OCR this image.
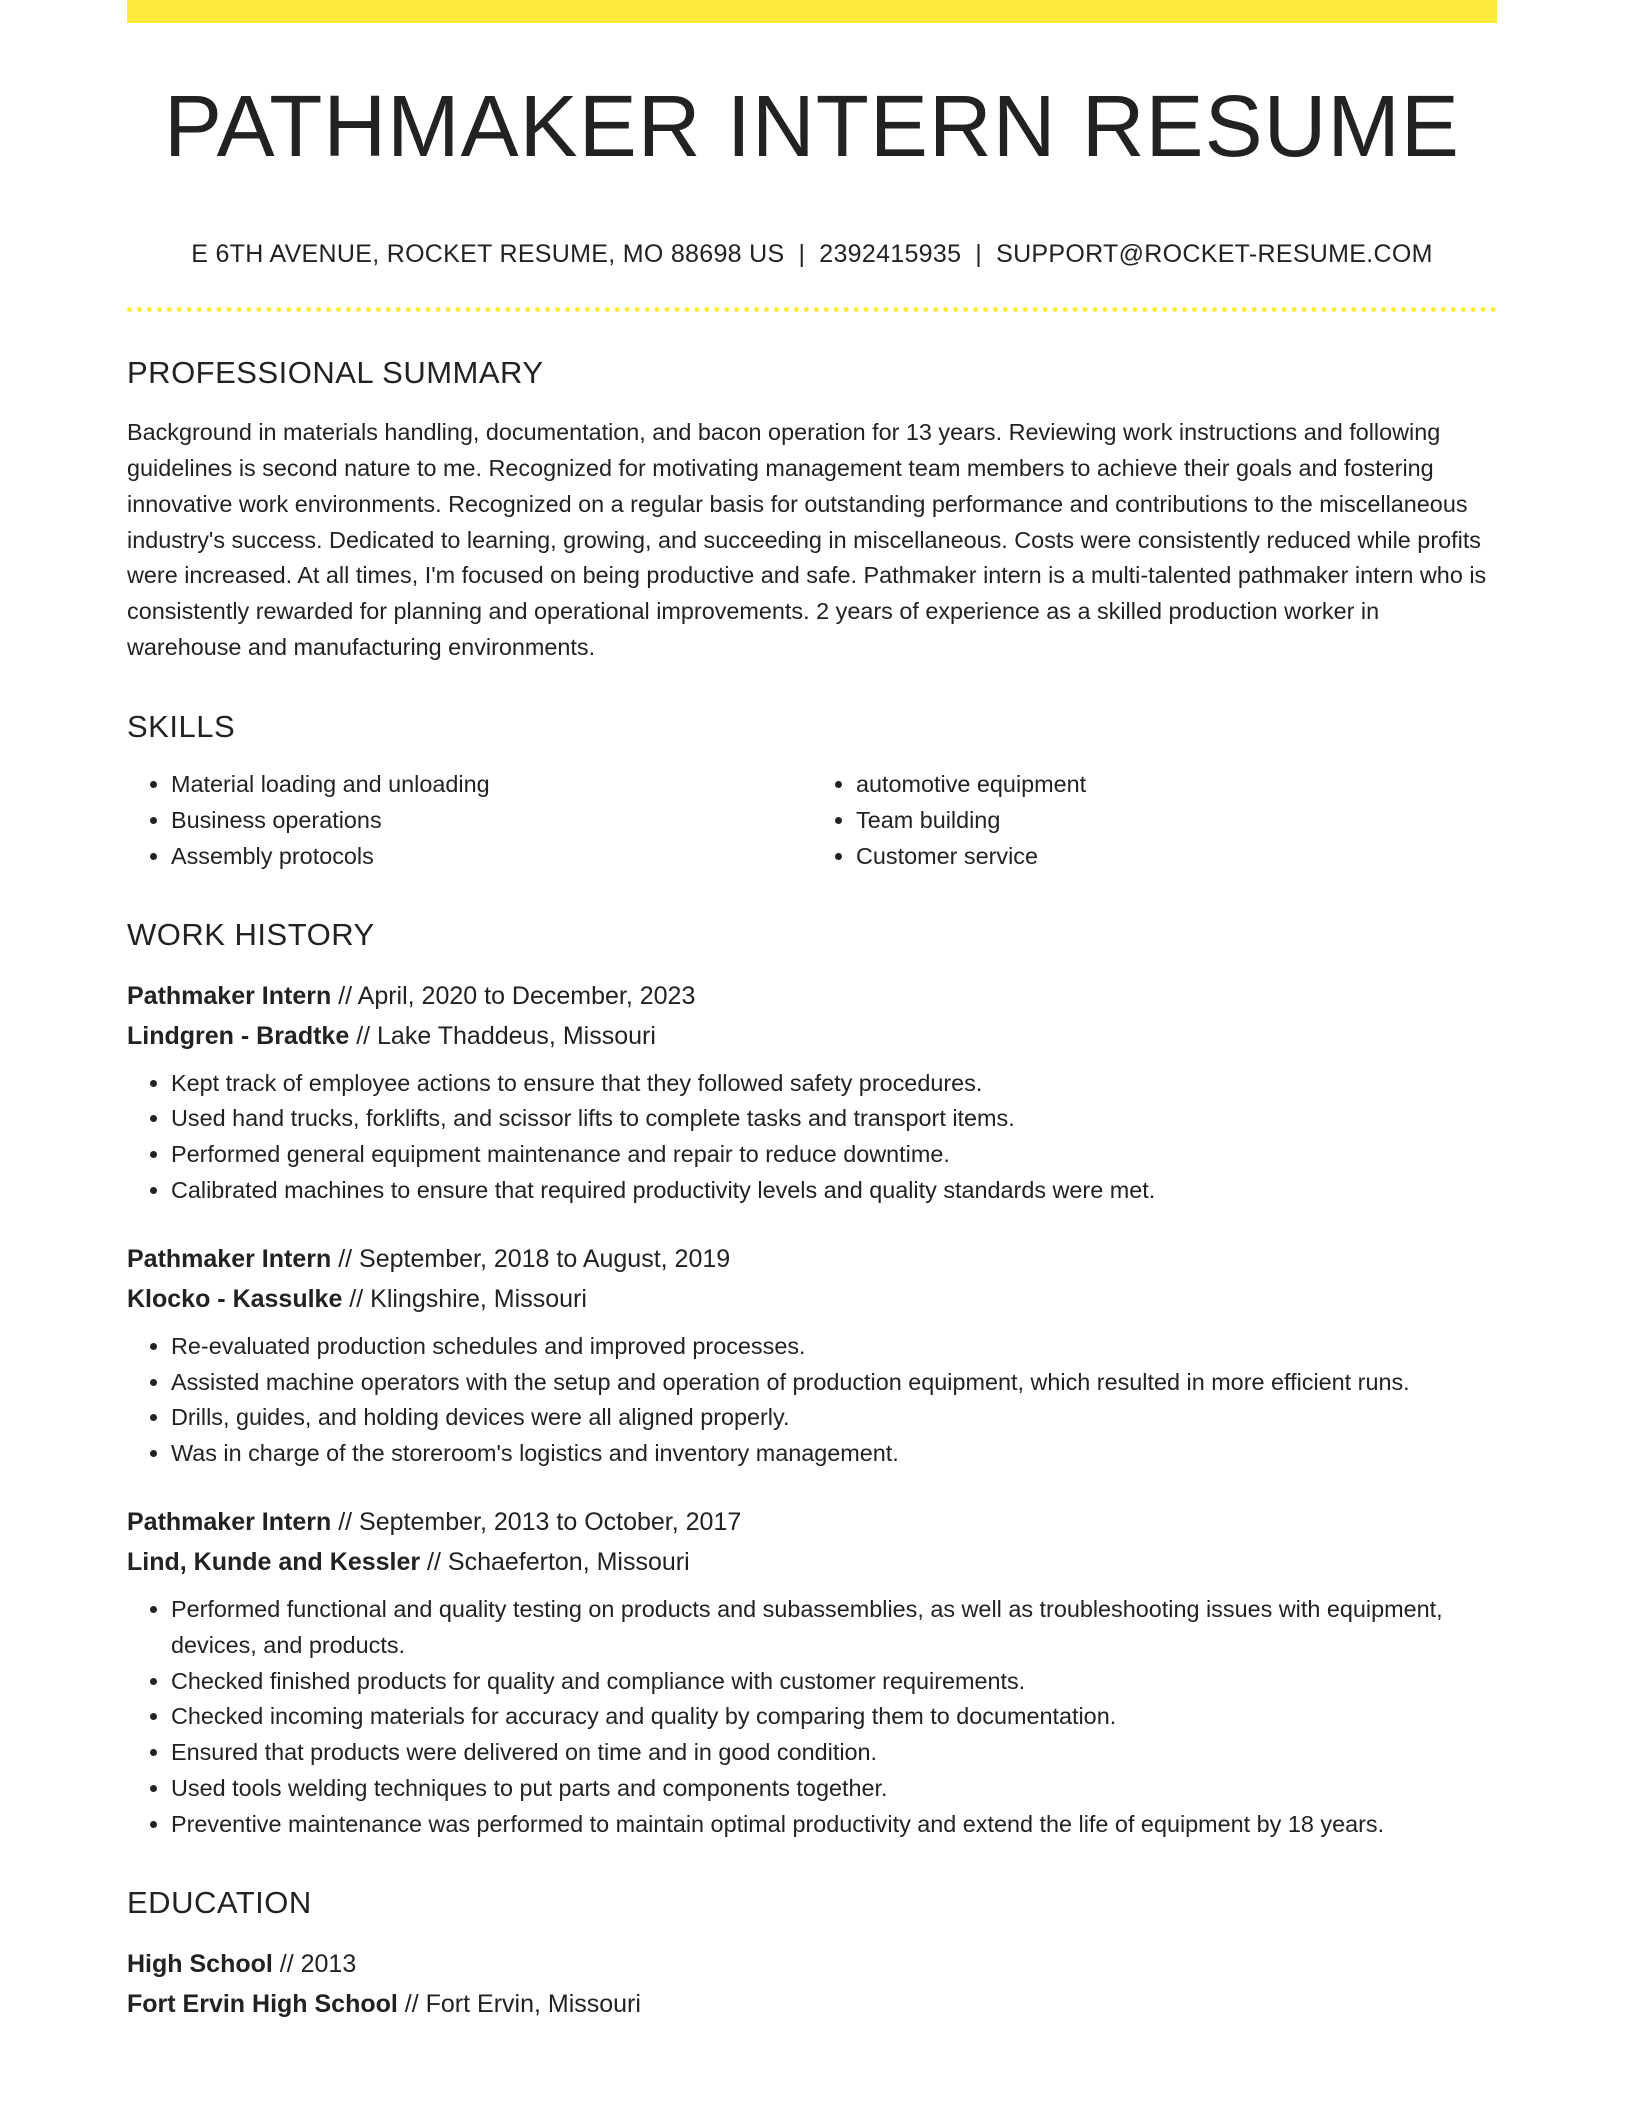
PATHMAKER INTERN RESUME
E 6TH AVENUE, ROCKET RESUME, MO 88698 US | 2392415935 | SUPPORT@ROCKET-RESUME.COM
PROFESSIONAL SUMMARY
Background in materials handling, documentation, and bacon operation for 13 years. Reviewing work instructions and following guidelines is second nature to me. Recognized for motivating management team members to achieve their goals and fostering innovative work environments. Recognized on a regular basis for outstanding performance and contributions to the miscellaneous industry's success. Dedicated to learning, growing, and succeeding in miscellaneous. Costs were consistently reduced while profits were increased. At all times, I'm focused on being productive and safe. Pathmaker intern is a multi-talented pathmaker intern who is consistently rewarded for planning and operational improvements. 2 years of experience as a skilled production worker in warehouse and manufacturing environments.
SKILLS
• Material loading and unloading
• Business operations
• Assembly protocols
• automotive equipment
• Team building
• Customer service
WORK HISTORY
Pathmaker Intern // April, 2020 to December, 2023
Lindgren - Bradtke // Lake Thaddeus, Missouri
• Kept track of employee actions to ensure that they followed safety procedures.
• Used hand trucks, forklifts, and scissor lifts to complete tasks and transport items.
• Performed general equipment maintenance and repair to reduce downtime.
• Calibrated machines to ensure that required productivity levels and quality standards were met.
Pathmaker Intern // September, 2018 to August, 2019
Klocko - Kassulke // Klingshire, Missouri
• Re-evaluated production schedules and improved processes.
• Assisted machine operators with the setup and operation of production equipment, which resulted in more efficient runs.
• Drills, guides, and holding devices were all aligned properly.
• Was in charge of the storeroom's logistics and inventory management.
Pathmaker Intern // September, 2013 to October, 2017
Lind, Kunde and Kessler // Schaeferton, Missouri
• Performed functional and quality testing on products and subassemblies, as well as troubleshooting issues with equipment, devices, and products.
• Checked finished products for quality and compliance with customer requirements.
• Checked incoming materials for accuracy and quality by comparing them to documentation.
• Ensured that products were delivered on time and in good condition.
• Used tools welding techniques to put parts and components together.
• Preventive maintenance was performed to maintain optimal productivity and extend the life of equipment by 18 years.
EDUCATION
High School // 2013
Fort Ervin High School // Fort Ervin, Missouri
